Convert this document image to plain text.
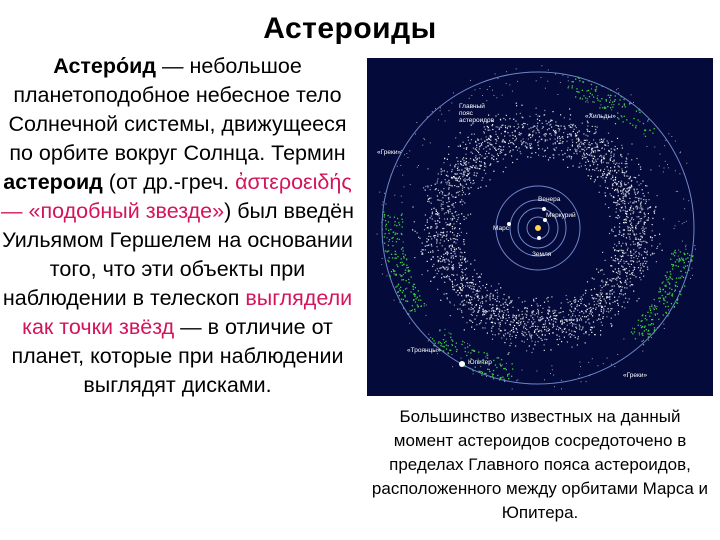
Астероиды
Астеро́ид — небольшое планетоподобное небесное тело Солнечной системы, движущееся по орбите вокруг Солнца. Термин астероид (от др.-греч. ἀστεροειδής — «подобный звезде») был введён Уильямом Гершелем на основании того, что эти объекты при наблюдении в телескоп выглядели как точки звёзд — в отличие от планет, которые при наблюдении выглядят дисками.
Главный пояс астероидов
«Хильды»
«Греки»
Венера
Меркурий
Марс
Земля
«Троянцы»
Юпитер
«Греки»
Большинство известных на данный момент астероидов сосредоточено в пределах Главного пояса астероидов, расположенного между орбитами Марса и Юпитера.
